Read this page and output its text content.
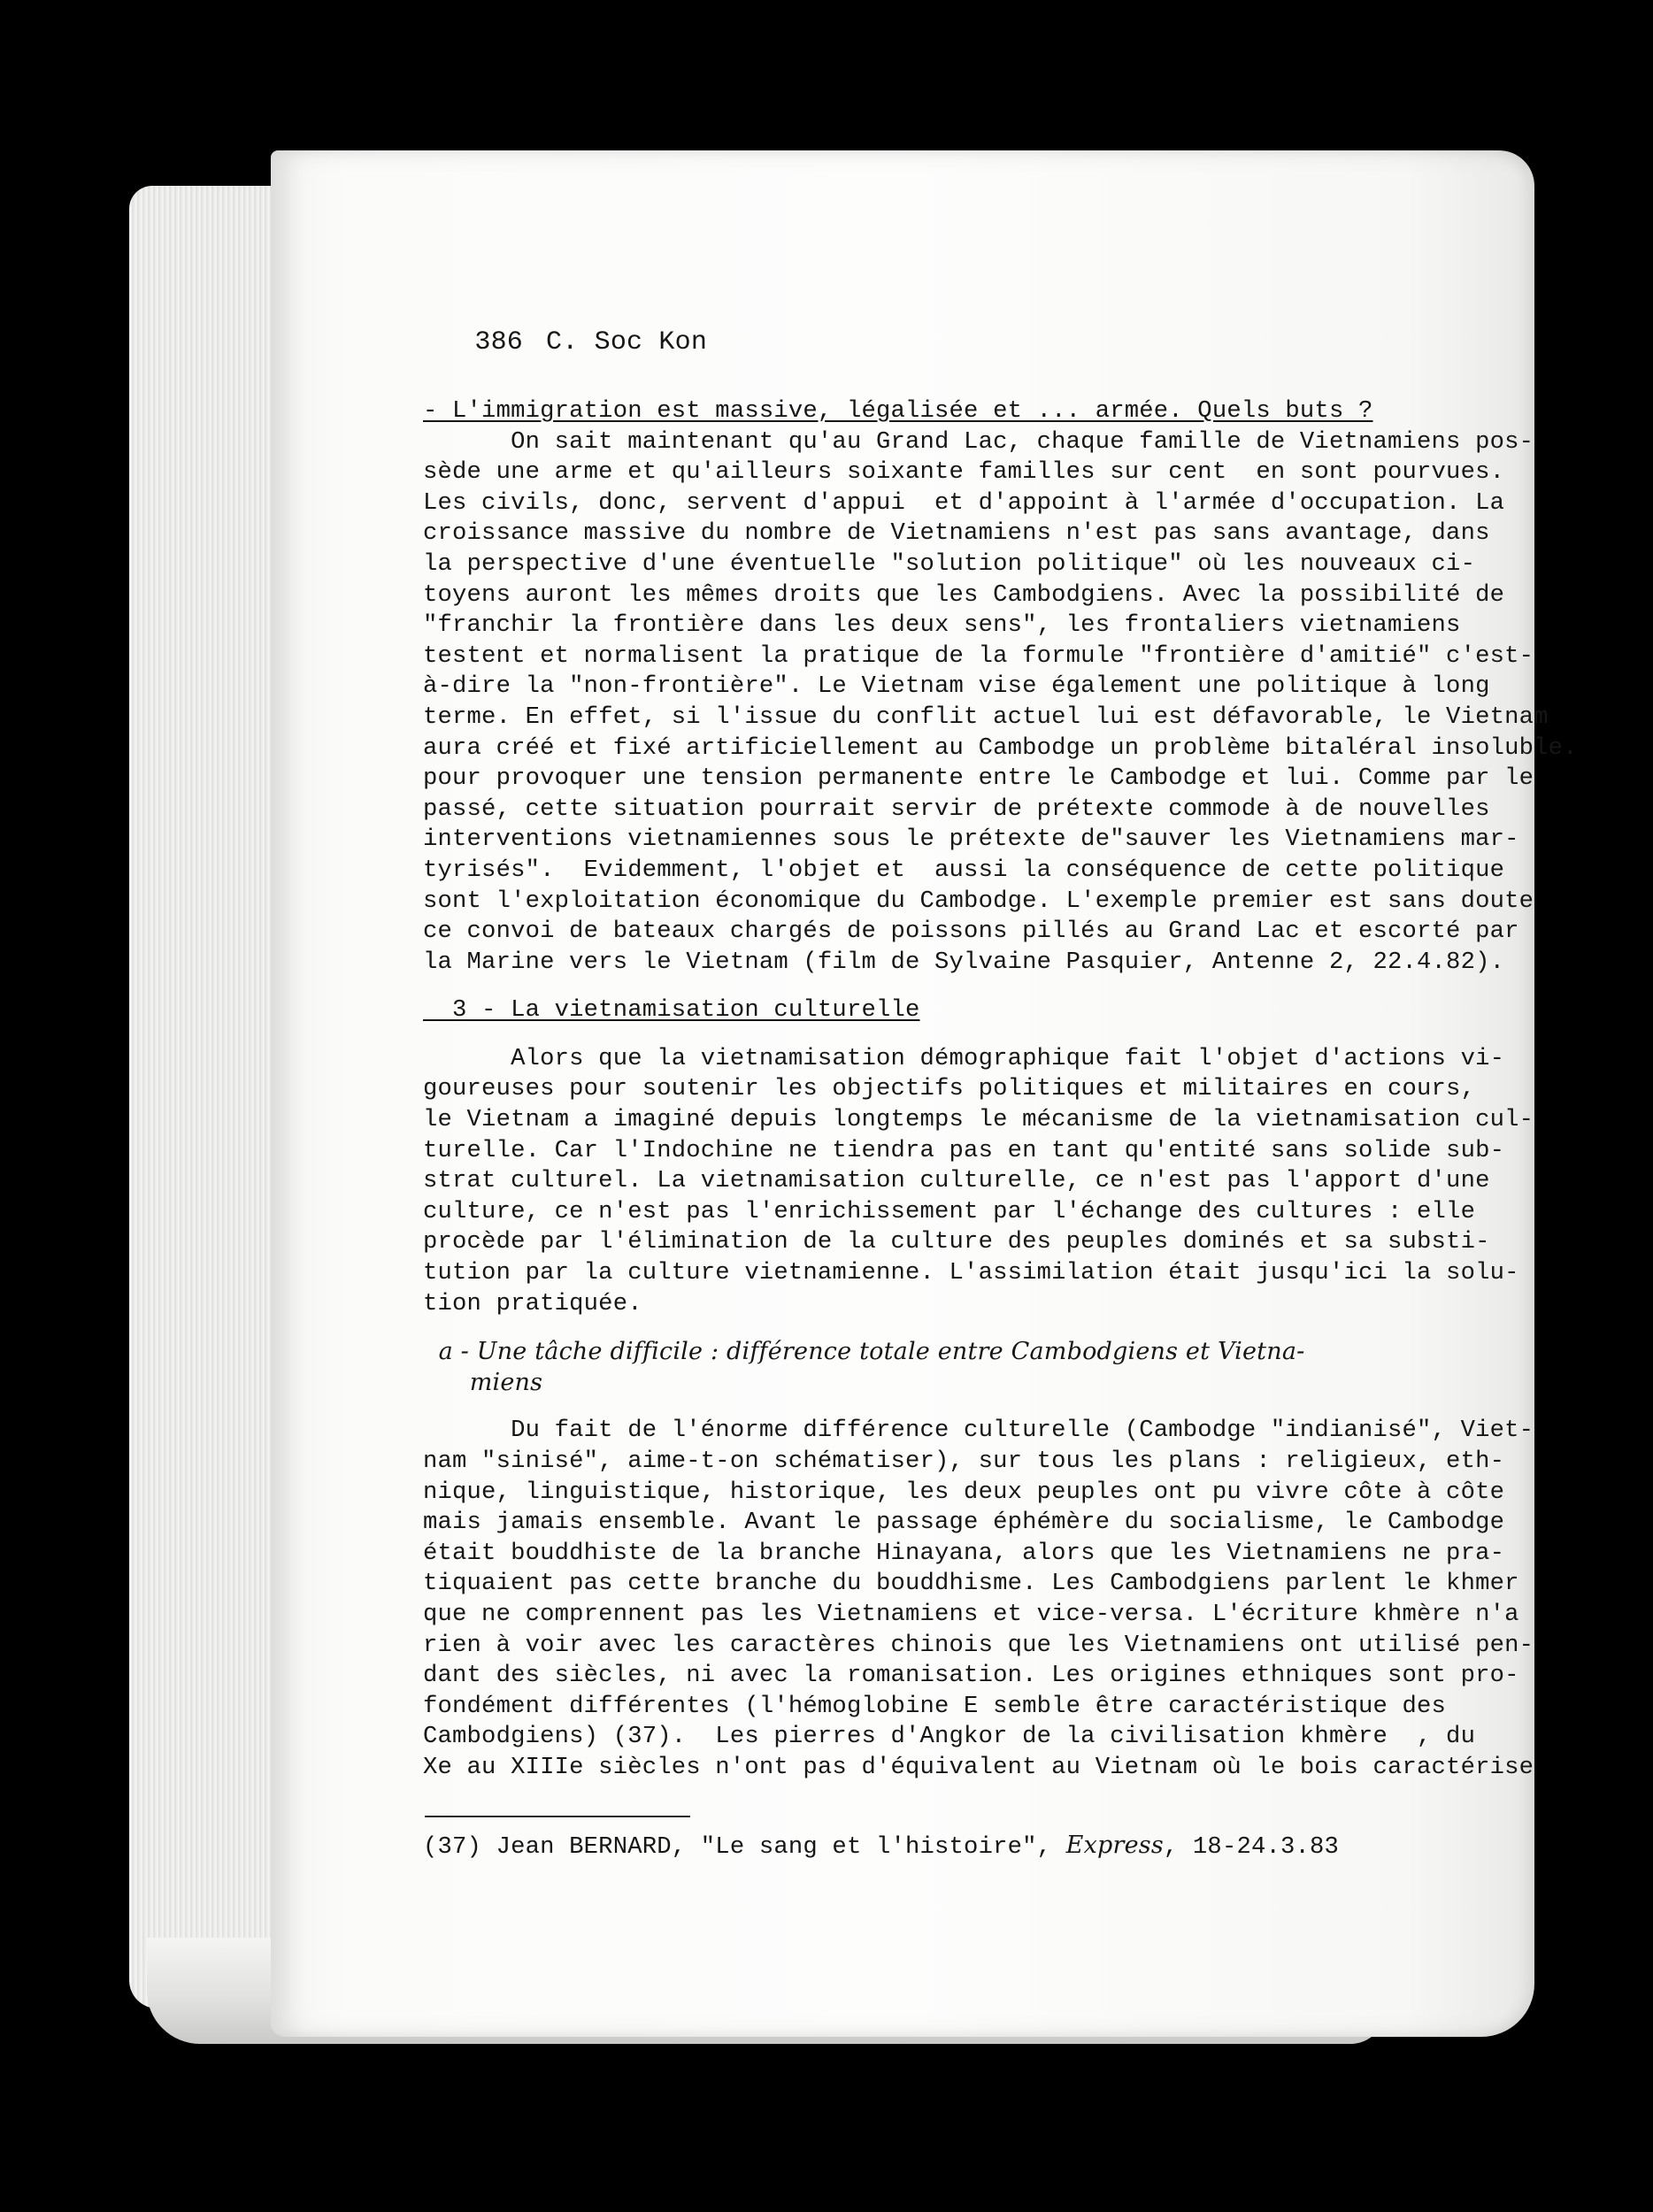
386 C. Soc Kon

- L'immigration est massive, légalisée et ... armée. Quels buts ?
On sait maintenant qu'au Grand Lac, chaque famille de Vietnamiens pos-
sède une arme et qu'ailleurs soixante familles sur cent  en sont pourvues.
Les civils, donc, servent d'appui  et d'appoint à l'armée d'occupation. La
croissance massive du nombre de Vietnamiens n'est pas sans avantage, dans
la perspective d'une éventuelle "solution politique" où les nouveaux ci-
toyens auront les mêmes droits que les Cambodgiens. Avec la possibilité de
"franchir la frontière dans les deux sens", les frontaliers vietnamiens
testent et normalisent la pratique de la formule "frontière d'amitié" c'est-
à-dire la "non-frontière". Le Vietnam vise également une politique à long
terme. En effet, si l'issue du conflit actuel lui est défavorable, le Vietnam
aura créé et fixé artificiellement au Cambodge un problème bitaléral insoluble.
pour provoquer une tension permanente entre le Cambodge et lui. Comme par le
passé, cette situation pourrait servir de prétexte commode à de nouvelles
interventions vietnamiennes sous le prétexte de"sauver les Vietnamiens mar-
tyrisés".  Evidemment, l'objet et  aussi la conséquence de cette politique
sont l'exploitation économique du Cambodge. L'exemple premier est sans doute
ce convoi de bateaux chargés de poissons pillés au Grand Lac et escorté par
la Marine vers le Vietnam (film de Sylvaine Pasquier, Antenne 2, 22.4.82).
3 - La vietnamisation culturelle
Alors que la vietnamisation démographique fait l'objet d'actions vi-
goureuses pour soutenir les objectifs politiques et militaires en cours,
le Vietnam a imaginé depuis longtemps le mécanisme de la vietnamisation cul-
turelle. Car l'Indochine ne tiendra pas en tant qu'entité sans solide sub-
strat culturel. La vietnamisation culturelle, ce n'est pas l'apport d'une
culture, ce n'est pas l'enrichissement par l'échange des cultures : elle
procède par l'élimination de la culture des peuples dominés et sa substi-
tution par la culture vietnamienne. L'assimilation était jusqu'ici la solu-
tion pratiquée.
a - Une tâche difficile : différence totale entre Cambodgiens et Vietna-
miens
Du fait de l'énorme différence culturelle (Cambodge "indianisé", Viet-
nam "sinisé", aime-t-on schématiser), sur tous les plans : religieux, eth-
nique, linguistique, historique, les deux peuples ont pu vivre côte à côte
mais jamais ensemble. Avant le passage éphémère du socialisme, le Cambodge
était bouddhiste de la branche Hinayana, alors que les Vietnamiens ne pra-
tiquaient pas cette branche du bouddhisme. Les Cambodgiens parlent le khmer
que ne comprennent pas les Vietnamiens et vice-versa. L'écriture khmère n'a
rien à voir avec les caractères chinois que les Vietnamiens ont utilisé pen-
dant des siècles, ni avec la romanisation. Les origines ethniques sont pro-
fondément différentes (l'hémoglobine E semble être caractéristique des
Cambodgiens) (37).  Les pierres d'Angkor de la civilisation khmère  , du
Xe au XIIIe siècles n'ont pas d'équivalent au Vietnam où le bois caractérise
(37) Jean BERNARD, "Le sang et l'histoire", Express, 18-24.3.83
